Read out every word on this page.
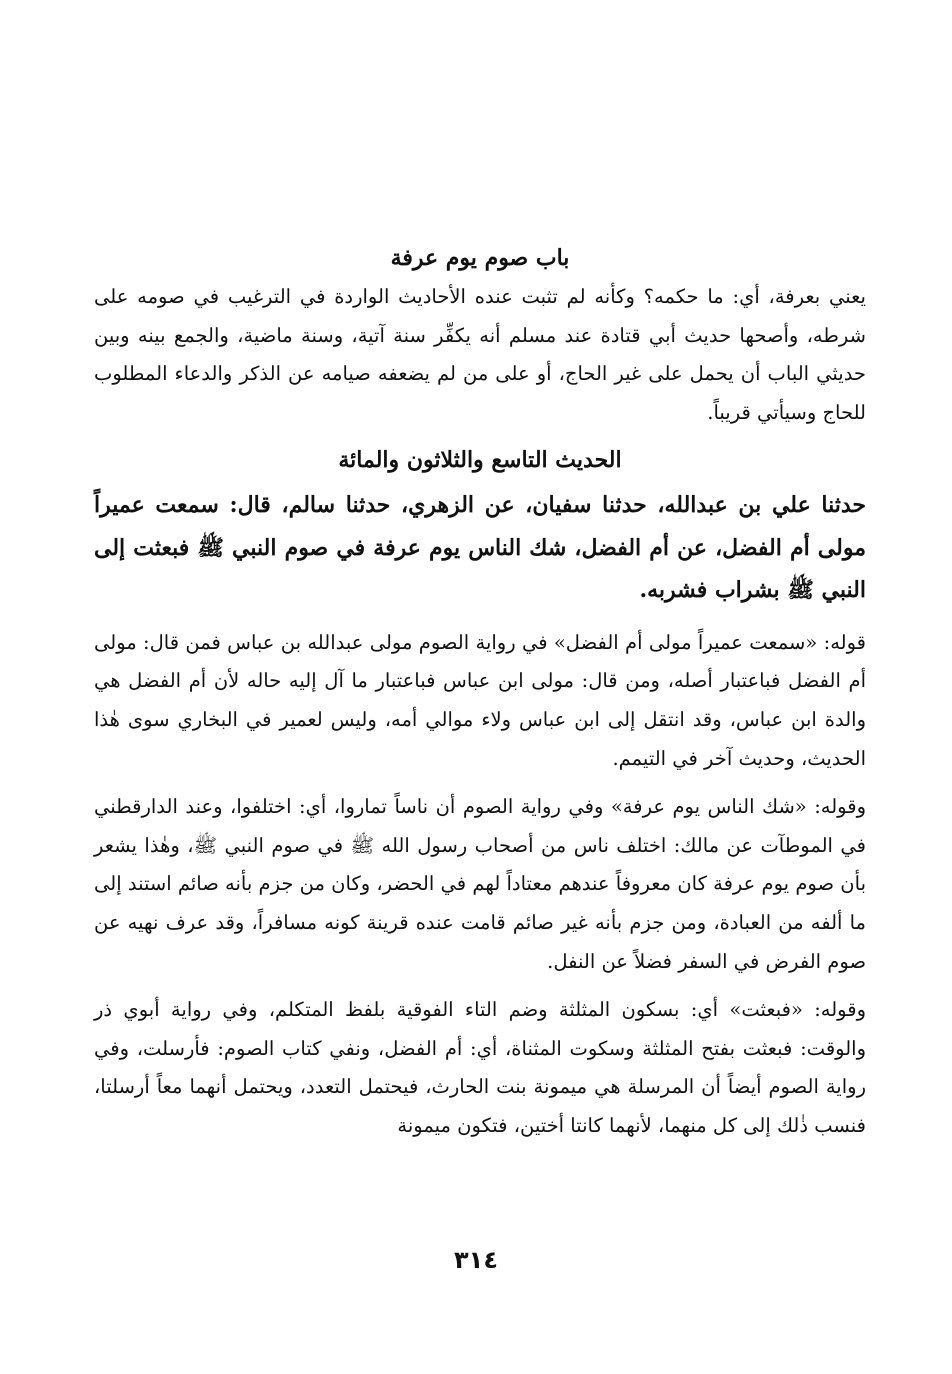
باب صوم يوم عرفة

يعني بعرفة، أي: ما حكمه؟ وكأنه لم تثبت عنده الأحاديث الواردة في الترغيب في صومه على شرطه، وأصحها حديث أبي قتادة عند مسلم أنه يكفِّر سنة آتية، وسنة ماضية، والجمع بينه وبين حديثي الباب أن يحمل على غير الحاج، أو على من لم يضعفه صيامه عن الذكر والدعاء المطلوب للحاج وسيأتي قريباً.

الحديث التاسع والثلاثون والمائة

حدثنا علي بن عبدالله، حدثنا سفيان، عن الزهري، حدثنا سالم، قال: سمعت عميراً مولى أم الفضل، عن أم الفضل، شك الناس يوم عرفة في صوم النبي ﷺ فبعثت إلى النبي ﷺ بشراب فشربه.

قوله: «سمعت عميراً مولى أم الفضل» في رواية الصوم مولى عبدالله بن عباس فمن قال: مولى أم الفضل فباعتبار أصله، ومن قال: مولى ابن عباس فباعتبار ما آل إليه حاله لأن أم الفضل هي والدة ابن عباس، وقد انتقل إلى ابن عباس ولاء موالي أمه، وليس لعمير في البخاري سوى هٰذا الحديث، وحديث آخر في التيمم.

وقوله: «شك الناس يوم عرفة» وفي رواية الصوم أن ناساً تماروا، أي: اختلفوا، وعند الدارقطني في الموطآت عن مالك: اختلف ناس من أصحاب رسول الله ﷺ في صوم النبي ﷺ، وهٰذا يشعر بأن صوم يوم عرفة كان معروفاً عندهم معتاداً لهم في الحضر، وكان من جزم بأنه صائم استند إلى ما ألفه من العبادة، ومن جزم بأنه غير صائم قامت عنده قرينة كونه مسافراً، وقد عرف نهيه عن صوم الفرض في السفر فضلاً عن النفل.

وقوله: «فبعثت» أي: بسكون المثلثة وضم التاء الفوقية بلفظ المتكلم، وفي رواية أبوي ذر والوقت: فبعثت بفتح المثلثة وسكوت المثناة، أي: أم الفضل، ونفي كتاب الصوم: فأرسلت، وفي رواية الصوم أيضاً أن المرسلة هي ميمونة بنت الحارث، فيحتمل التعدد، ويحتمل أنهما معاً أرسلتا، فنسب ذٰلك إلى كل منهما، لأنهما كانتا أختين، فتكون ميمونة

٣١٤
